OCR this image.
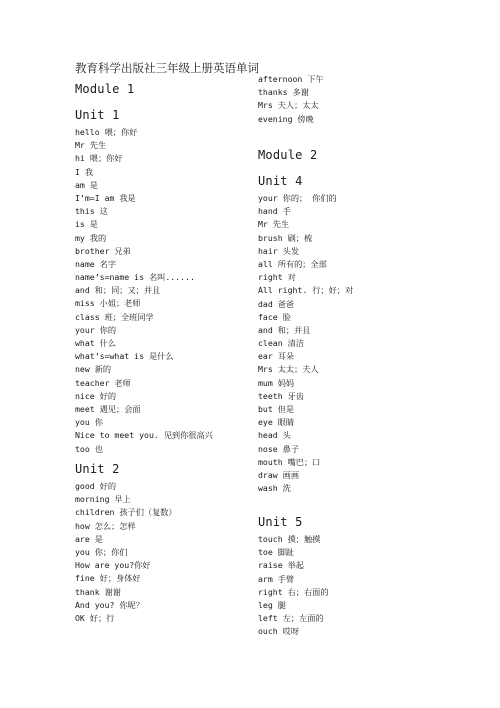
教育科学出版社三年级上册英语单词
Module 1
Unit 1
hello 喂；你好
Mr 先生
hi 喂；你好
I 我
am 是
I’m=I am 我是
this 这
is 是
my 我的
brother 兄弟
name 名字
name’s=name is 名叫......
and 和；同；又；并且
miss 小姐；老师
class 班；全班同学
your 你的
what 什么
what’s=what is 是什么
new 新的
teacher 老师
nice 好的
meet 遇见；会面
you 你
Nice to meet you. 见到你很高兴
too 也
Unit 2
good 好的
morning 早上
children 孩子们（复数）
how 怎么；怎样
are 是
you 你；你们
How are you?你好
fine 好；身体好
thank 谢谢
And you? 你呢？
OK 好；行
afternoon 下午
thanks 多谢
Mrs 夫人；太太
evening 傍晚
Module 2
Unit 4
your 你的； 你们的
hand 手
Mr 先生
brush 刷；梳
hair 头发
all 所有的；全部
right 对
All right. 行；好；对
dad 爸爸
face 脸
and 和；并且
clean 清洁
ear 耳朵
Mrs 太太；夫人
mum 妈妈
teeth 牙齿
but 但是
eye 眼睛
head 头
nose 鼻子
mouth 嘴巴；口
draw 画画
wash 洗
Unit 5
touch 摸；触摸
toe 脚趾
raise 举起
arm 手臂
right 右；右面的
leg 腿
left 左；左面的
ouch 哎呀
